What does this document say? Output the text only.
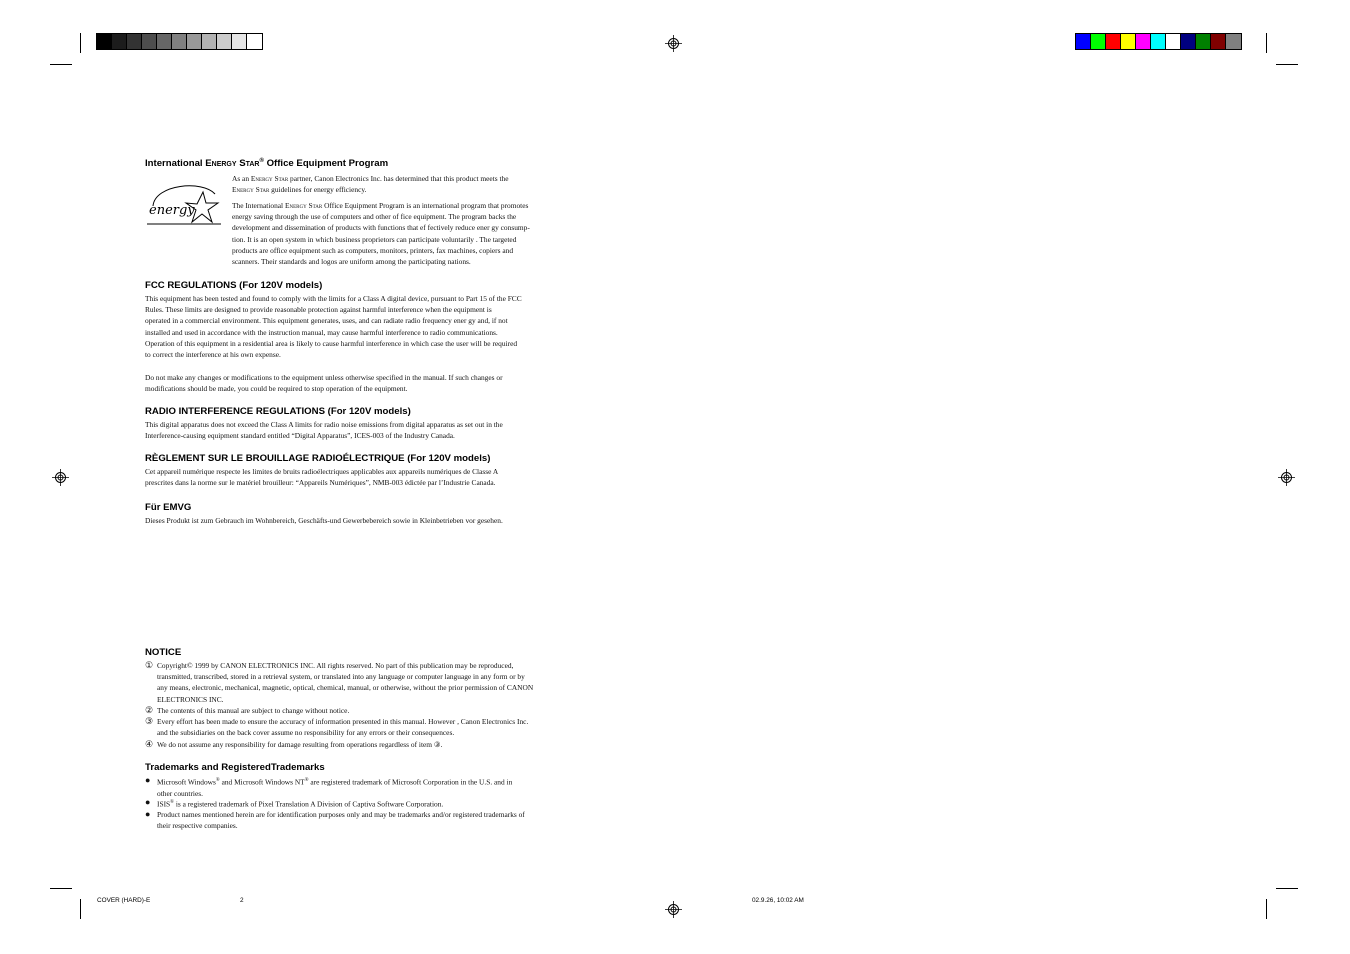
International Energy Star® Office Equipment Program
energy
As an Energy Star partner, Canon Electronics Inc. has determined that this product meets the
Energy Star guidelines for energy efficiency.
The International Energy Star Office Equipment Program is an international program that promotes
energy saving through the use of computers and other of fice equipment. The program backs the
development and dissemination of products with functions that ef fectively reduce ener gy consump-
tion. It is an open system in which business proprietors can participate voluntarily . The targeted
products are office equipment such as computers, monitors, printers, fax machines, copiers and
scanners. Their standards and logos are uniform among the participating nations.
FCC REGULATIONS (For 120V models)
This equipment has been tested and found to comply with the limits for a Class A digital device, pursuant to Part 15 of the FCC
Rules. These limits are designed to provide reasonable protection against harmful interference when the equipment is
operated in a commercial environment. This equipment generates, uses, and can radiate radio frequency ener gy and, if not
installed and used in accordance with the instruction manual, may cause harmful interference to radio communications.
Operation of this equipment in a residential area is likely to cause harmful interference in which case the user will be required
to correct the interference at his own expense.
Do not make any changes or modifications to the equipment unless otherwise specified in the manual. If such changes or
modifications should be made, you could be required to stop operation of the equipment.
RADIO INTERFERENCE REGULATIONS (For 120V models)
This digital apparatus does not exceed the Class A limits for radio noise emissions from digital apparatus as set out in the
Interference-causing equipment standard entitled “Digital Apparatus”, ICES-003 of the Industry Canada.
RÈGLEMENT SUR LE BROUILLAGE RADIOÉLECTRIQUE (For 120V models)
Cet appareil numérique respecte les limites de bruits radioélectriques applicables aux appareils numériques de Classe A
prescrites dans la norme sur le matériel brouilleur: “Appareils Numériques”, NMB-003 édictée par l’Industrie Canada.
Für EMVG
Dieses Produkt ist zum Gebrauch im Wohnbereich, Geschäfts-und Gewerbebereich sowie in Kleinbetrieben vor gesehen.
NOTICE
① Copyright© 1999 by CANON ELECTRONICS INC. All rights reserved. No part of this publication may be reproduced,
transmitted, transcribed, stored in a retrieval system, or translated into any language or computer language in any form or by
any means, electronic, mechanical, magnetic, optical, chemical, manual, or otherwise, without the prior permission of CANON
ELECTRONICS INC.
② The contents of this manual are subject to change without notice.
③ Every effort has been made to ensure the accuracy of information presented in this manual. However , Canon Electronics Inc.
and the subsidiaries on the back cover assume no responsibility for any errors or their consequences.
④ We do not assume any responsibility for damage resulting from operations regardless of item ③.
Trademarks and RegisteredTrademarks
● Microsoft Windows® and Microsoft Windows NT® are registered trademark of Microsoft Corporation in the U.S. and in
other countries.
● ISIS® is a registered trademark of Pixel Translation A Division of Captiva Software Corporation.
● Product names mentioned herein are for identification purposes only and may be trademarks and/or registered trademarks of
their respective companies.
COVER (HARD)-E	2	02.9.26, 10:02 AM
